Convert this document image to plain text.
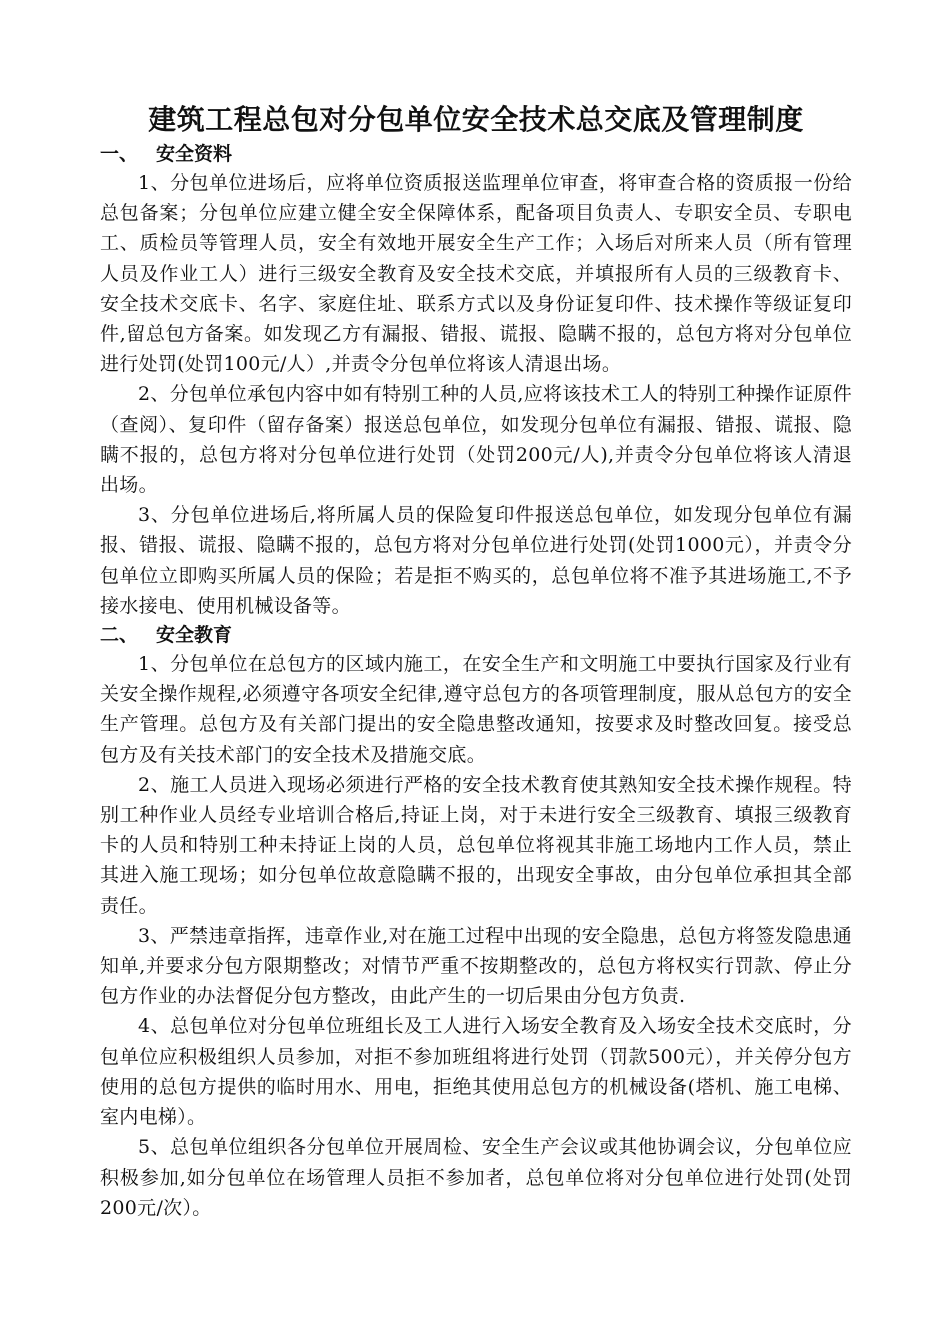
建筑工程总包对分包单位安全技术总交底及管理制度
一、 安全资料

1、分包单位进场后，应将单位资质报送监理单位审查，将审查合格的资质报一份给总包备案；分包单位应建立健全安全保障体系，配备项目负责人、专职安全员、专职电工、质检员等管理人员，安全有效地开展安全生产工作；入场后对所来人员（所有管理人员及作业工人）进行三级安全教育及安全技术交底，并填报所有人员的三级教育卡、安全技术交底卡、名字、家庭住址、联系方式以及身份证复印件、技术操作等级证复印件,留总包方备案。如发现乙方有漏报、错报、谎报、隐瞒不报的，总包方将对分包单位进行处罚(处罚100元/人）,并责令分包单位将该人清退出场。

2、分包单位承包内容中如有特别工种的人员,应将该技术工人的特别工种操作证原件（查阅）、复印件（留存备案）报送总包单位，如发现分包单位有漏报、错报、谎报、隐瞒不报的，总包方将对分包单位进行处罚（处罚200元/人),并责令分包单位将该人清退出场。

3、分包单位进场后,将所属人员的保险复印件报送总包单位，如发现分包单位有漏报、错报、谎报、隐瞒不报的，总包方将对分包单位进行处罚(处罚1000元），并责令分包单位立即购买所属人员的保险；若是拒不购买的，总包单位将不准予其进场施工,不予接水接电、使用机械设备等。

二、 安全教育

1、分包单位在总包方的区域内施工，在安全生产和文明施工中要执行国家及行业有关安全操作规程,必须遵守各项安全纪律,遵守总包方的各项管理制度，服从总包方的安全生产管理。总包方及有关部门提出的安全隐患整改通知，按要求及时整改回复。接受总包方及有关技术部门的安全技术及措施交底。

2、施工人员进入现场必须进行严格的安全技术教育使其熟知安全技术操作规程。特别工种作业人员经专业培训合格后,持证上岗，对于未进行安全三级教育、填报三级教育卡的人员和特别工种未持证上岗的人员，总包单位将视其非施工场地内工作人员，禁止其进入施工现场；如分包单位故意隐瞒不报的，出现安全事故，由分包单位承担其全部责任。

3、严禁违章指挥，违章作业,对在施工过程中出现的安全隐患，总包方将签发隐患通知单,并要求分包方限期整改；对情节严重不按期整改的，总包方将权实行罚款、停止分包方作业的办法督促分包方整改，由此产生的一切后果由分包方负责.

4、总包单位对分包单位班组长及工人进行入场安全教育及入场安全技术交底时，分包单位应积极组织人员参加，对拒不参加班组将进行处罚（罚款500元），并关停分包方使用的总包方提供的临时用水、用电，拒绝其使用总包方的机械设备(塔机、施工电梯、室内电梯）。

5、总包单位组织各分包单位开展周检、安全生产会议或其他协调会议，分包单位应积极参加,如分包单位在场管理人员拒不参加者，总包单位将对分包单位进行处罚(处罚200元/次）。
